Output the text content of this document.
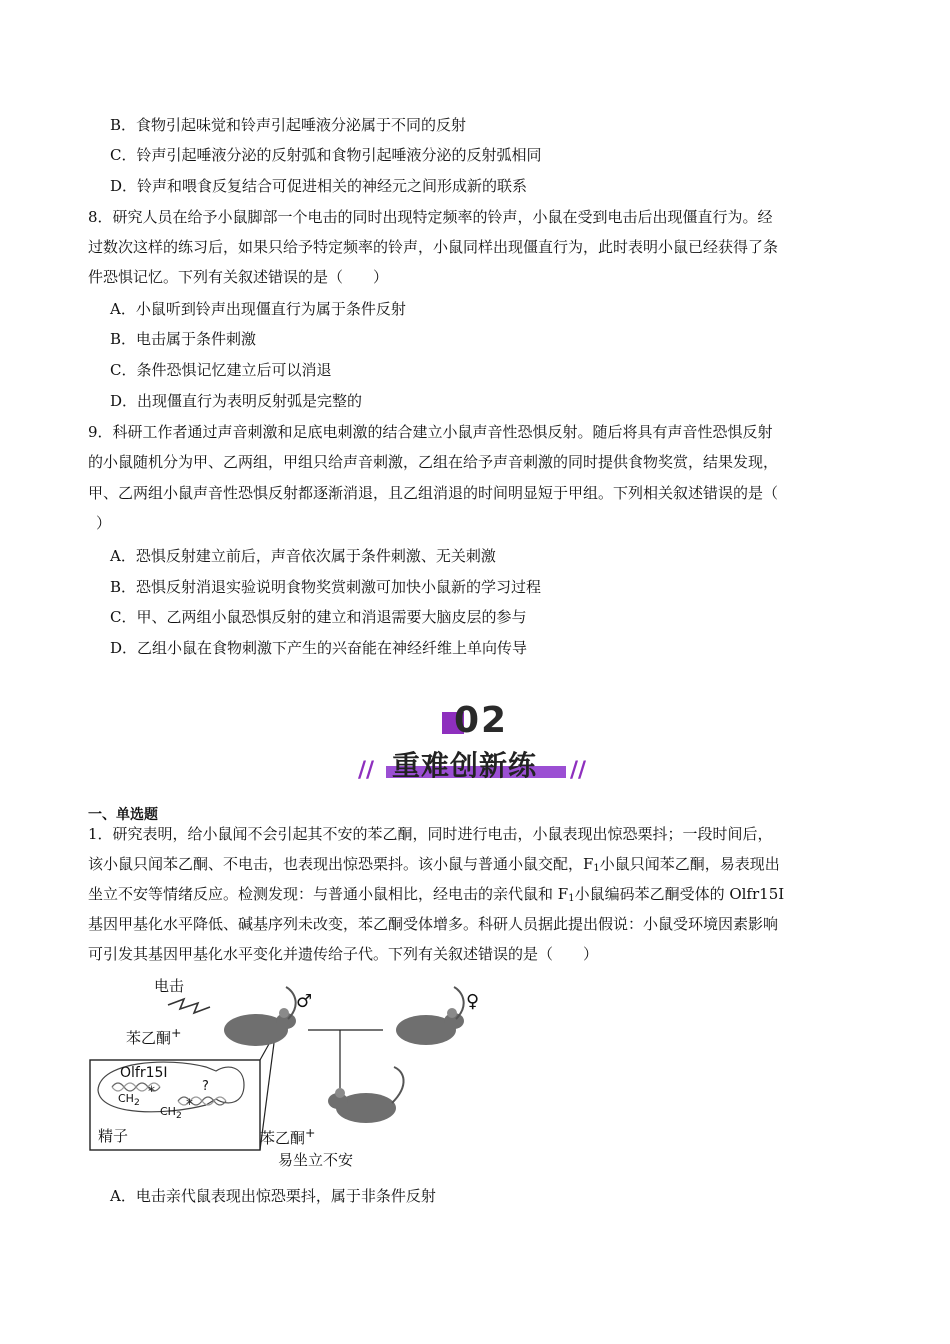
B．食物引起味觉和铃声引起唾液分泌属于不同的反射
C．铃声引起唾液分泌的反射弧和食物引起唾液分泌的反射弧相同
D．铃声和喂食反复结合可促进相关的神经元之间形成新的联系
8．研究人员在给予小鼠脚部一个电击的同时出现特定频率的铃声，小鼠在受到电击后出现僵直行为。经
过数次这样的练习后，如果只给予特定频率的铃声，小鼠同样出现僵直行为，此时表明小鼠已经获得了条
件恐惧记忆。下列有关叙述错误的是（　　）
A．小鼠听到铃声出现僵直行为属于条件反射
B．电击属于条件刺激
C．条件恐惧记忆建立后可以消退
D．出现僵直行为表明反射弧是完整的
9．科研工作者通过声音刺激和足底电刺激的结合建立小鼠声音性恐惧反射。随后将具有声音性恐惧反射
的小鼠随机分为甲、乙两组，甲组只给声音刺激，乙组在给予声音刺激的同时提供食物奖赏，结果发现，
甲、乙两组小鼠声音性恐惧反射都逐渐消退，且乙组消退的时间明显短于甲组。下列相关叙述错误的是（
）
A．恐惧反射建立前后，声音依次属于条件刺激、无关刺激
B．恐惧反射消退实验说明食物奖赏刺激可加快小鼠新的学习过程
C．甲、乙两组小鼠恐惧反射的建立和消退需要大脑皮层的参与
D．乙组小鼠在食物刺激下产生的兴奋能在神经纤维上单向传导
02
重难创新练
//	//
一、单选题
1．研究表明，给小鼠闻不会引起其不安的苯乙酮，同时进行电击，小鼠表现出惊恐栗抖；一段时间后，
该小鼠只闻苯乙酮、不电击，也表现出惊恐栗抖。该小鼠与普通小鼠交配，$F_1$小鼠只闻苯乙酮，易表现出
坐立不安等情绪反应。检测发现：与普通小鼠相比，经电击的亲代鼠和 $F_1$小鼠编码苯乙酮受体的 Olfr15I
基因甲基化水平降低、碱基序列未改变，苯乙酮受体增多。科研人员据此提出假说：小鼠受环境因素影响
可引发其基因甲基化水平变化并遗传给子代。下列有关叙述错误的是（　　）
*
*
电击
苯乙酮+
♂	♀
Olfr15I
?
$CH_2$
$CH_2$
精子	苯乙酮+
易坐立不安
A．电击亲代鼠表现出惊恐栗抖，属于非条件反射
